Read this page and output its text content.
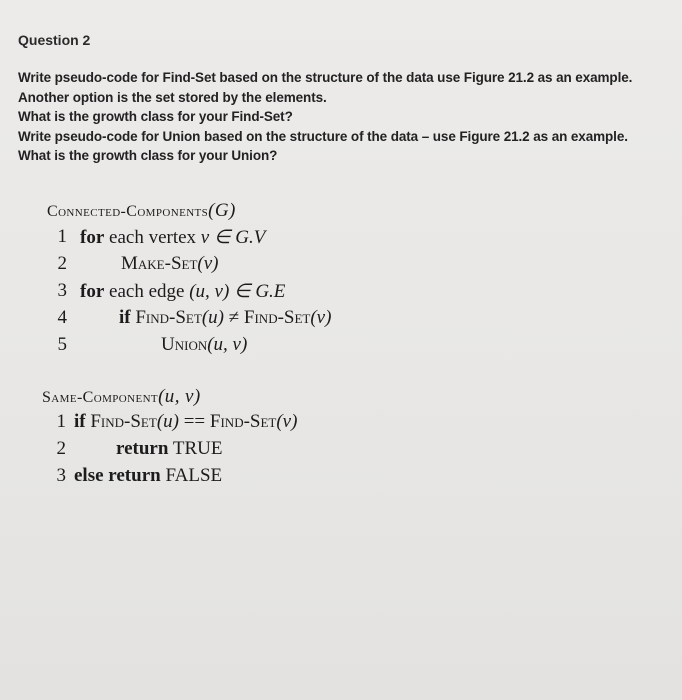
Question 2
Write pseudo-code for Find-Set based on the structure of the data use Figure 21.2 as an example.
Another option is the set stored by the elements.
What is the growth class for your Find-Set?
Write pseudo-code for Union based on the structure of the data – use Figure 21.2 as an example.
What is the growth class for your Union?
Connected-Components(G)
1 for each vertex v ∈ G.V
2	Make-Set(v)
3 for each edge (u, v) ∈ G.E
4	if Find-Set(u) ≠ Find-Set(v)
5	Union(u, v)
Same-Component(u, v)
1 if Find-Set(u) == Find-Set(v)
2	return TRUE
3 else return FALSE
